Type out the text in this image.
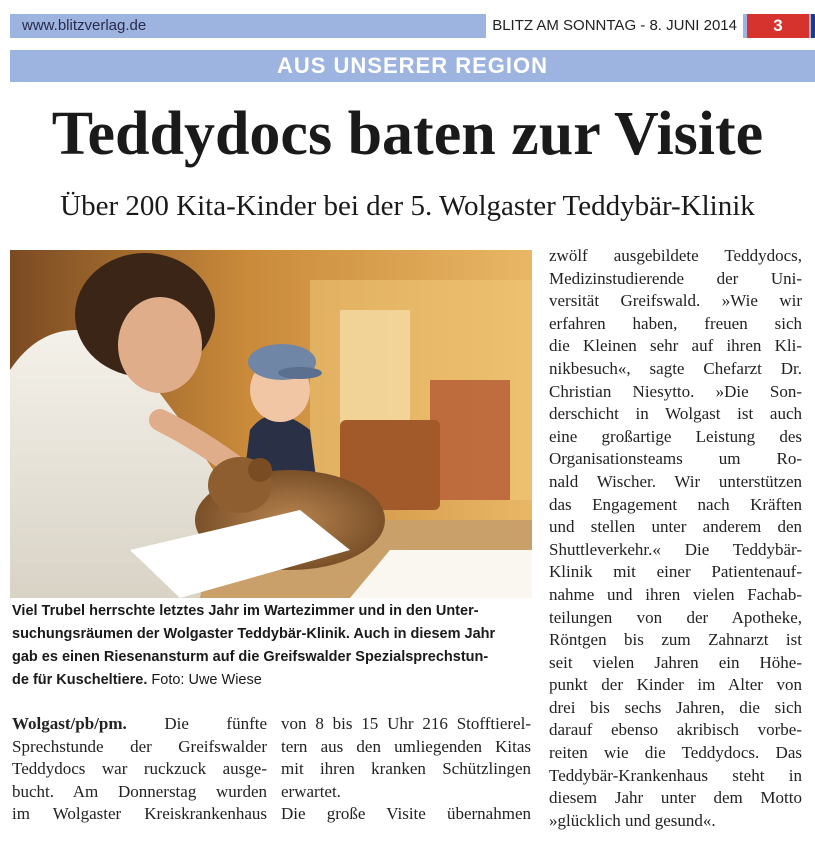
www.blitzverlag.de	BLITZ AM SONNTAG - 8. JUNI 2014	3
AUS UNSERER REGION
Teddydocs baten zur Visite
Über 200 Kita-Kinder bei der 5. Wolgaster Teddybär-Klinik
Viel Trubel herrschte letztes Jahr im Wartezimmer und in den Unter-
suchungsräumen der Wolgaster Teddybär-Klinik. Auch in diesem Jahr
gab es einen Riesenansturm auf die Greifswalder Spezialsprechstun-
de für Kuscheltiere. Foto: Uwe Wiese
Wolgast/pb/pm. Die fünfte
Sprechstunde der Greifswalder
Teddydocs war ruckzuck ausge-
bucht. Am Donnerstag wurden
im Wolgaster Kreiskrankenhaus
von 8 bis 15 Uhr 216 Stofftierel-
tern aus den umliegenden Kitas
mit ihren kranken Schützlingen
erwartet.
Die große Visite übernahmen
zwölf ausgebildete Teddydocs,
Medizinstudierende der Uni-
versität Greifswald. »Wie wir
erfahren haben, freuen sich
die Kleinen sehr auf ihren Kli-
nikbesuch«, sagte Chefarzt Dr.
Christian Niesytto. »Die Son-
derschicht in Wolgast ist auch
eine großartige Leistung des
Organisationsteams um Ro-
nald Wischer. Wir unterstützen
das Engagement nach Kräften
und stellen unter anderem den
Shuttleverkehr.« Die Teddybär-
Klinik mit einer Patientenauf-
nahme und ihren vielen Fachab-
teilungen von der Apotheke,
Röntgen bis zum Zahnarzt ist
seit vielen Jahren ein Höhe-
punkt der Kinder im Alter von
drei bis sechs Jahren, die sich
darauf ebenso akribisch vorbe-
reiten wie die Teddydocs. Das
Teddybär-Krankenhaus steht in
diesem Jahr unter dem Motto
»glücklich und gesund«.
